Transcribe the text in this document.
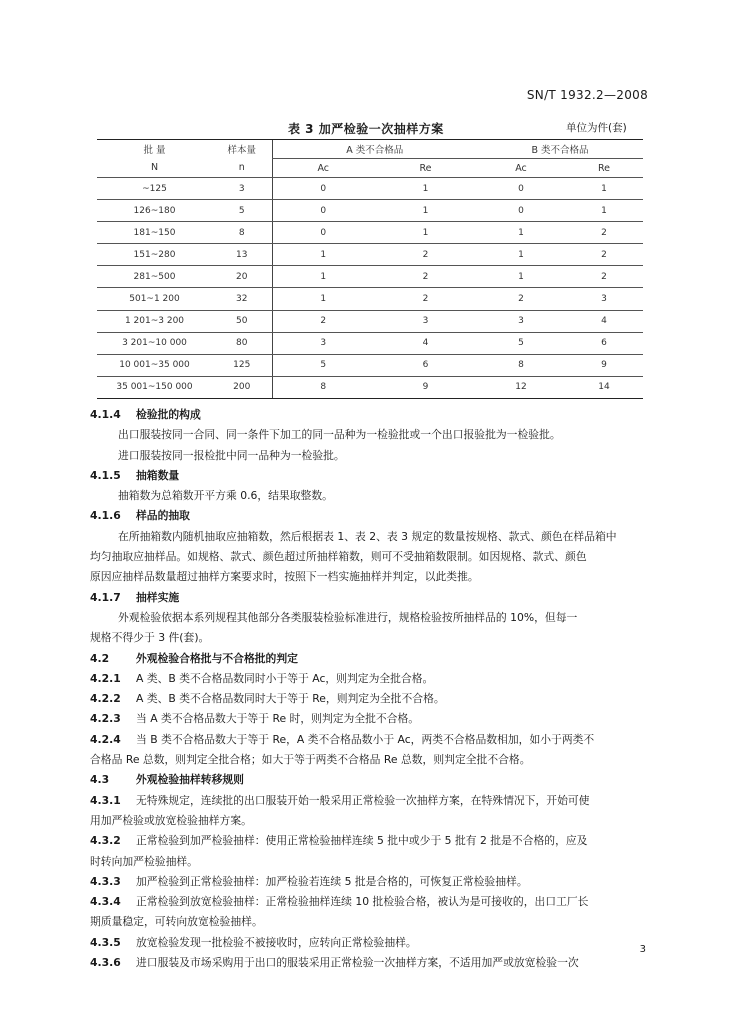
SN/T 1932.2—2008
表 3 加严检验一次抽样方案	单位为件(套)
批 量	样本量	A 类不合格品		B 类不合格品	
N	n	Ac	Re	Ac	Re
~125	3	0	1	0	1
126~180	5	0	1	0	1
181~150	8	0	1	1	2
151~280	13	1	2	1	2
281~500	20	1	2	1	2
501~1 200	32	1	2	2	3
1 201~3 200	50	2	3	3	4
3 201~10 000	80	3	4	5	6
10 001~35 000	125	5	6	8	9
35 001~150 000	200	8	9	12	14
4.1.4 检验批的构成
出口服装按同一合同、同一条件下加工的同一品种为一检验批或一个出口报验批为一检验批。
进口服装按同一报检批中同一品种为一检验批。
4.1.5 抽箱数量
抽箱数为总箱数开平方乘 0.6，结果取整数。
4.1.6 样品的抽取
在所抽箱数内随机抽取应抽箱数，然后根据表 1、表 2、表 3 规定的数量按规格、款式、颜色在样品箱中
均匀抽取应抽样品。如规格、款式、颜色超过所抽样箱数，则可不受抽箱数限制。如因规格、款式、颜色
原因应抽样品数量超过抽样方案要求时，按照下一档实施抽样并判定，以此类推。
4.1.7 抽样实施
外观检验依据本系列规程其他部分各类服装检验标准进行，规格检验按所抽样品的 10%，但每一
规格不得少于 3 件(套)。
4.2 外观检验合格批与不合格批的判定
4.2.1 A 类、B 类不合格品数同时小于等于 Ac，则判定为全批合格。
4.2.2 A 类、B 类不合格品数同时大于等于 Re，则判定为全批不合格。
4.2.3 当 A 类不合格品数大于等于 Re 时，则判定为全批不合格。
4.2.4 当 B 类不合格品数大于等于 Re，A 类不合格品数小于 Ac，两类不合格品数相加，如小于两类不
合格品 Re 总数，则判定全批合格；如大于等于两类不合格品 Re 总数，则判定全批不合格。
4.3 外观检验抽样转移规则
4.3.1 无特殊规定，连续批的出口服装开始一般采用正常检验一次抽样方案，在特殊情况下，开始可使
用加严检验或放宽检验抽样方案。
4.3.2 正常检验到加严检验抽样：使用正常检验抽样连续 5 批中或少于 5 批有 2 批是不合格的，应及
时转向加严检验抽样。
4.3.3 加严检验到正常检验抽样：加严检验若连续 5 批是合格的，可恢复正常检验抽样。
4.3.4 正常检验到放宽检验抽样：正常检验抽样连续 10 批检验合格，被认为是可接收的，出口工厂长
期质量稳定，可转向放宽检验抽样。
4.3.5 放宽检验发现一批检验不被接收时，应转向正常检验抽样。
4.3.6 进口服装及市场采购用于出口的服装采用正常检验一次抽样方案，不适用加严或放宽检验一次
3
